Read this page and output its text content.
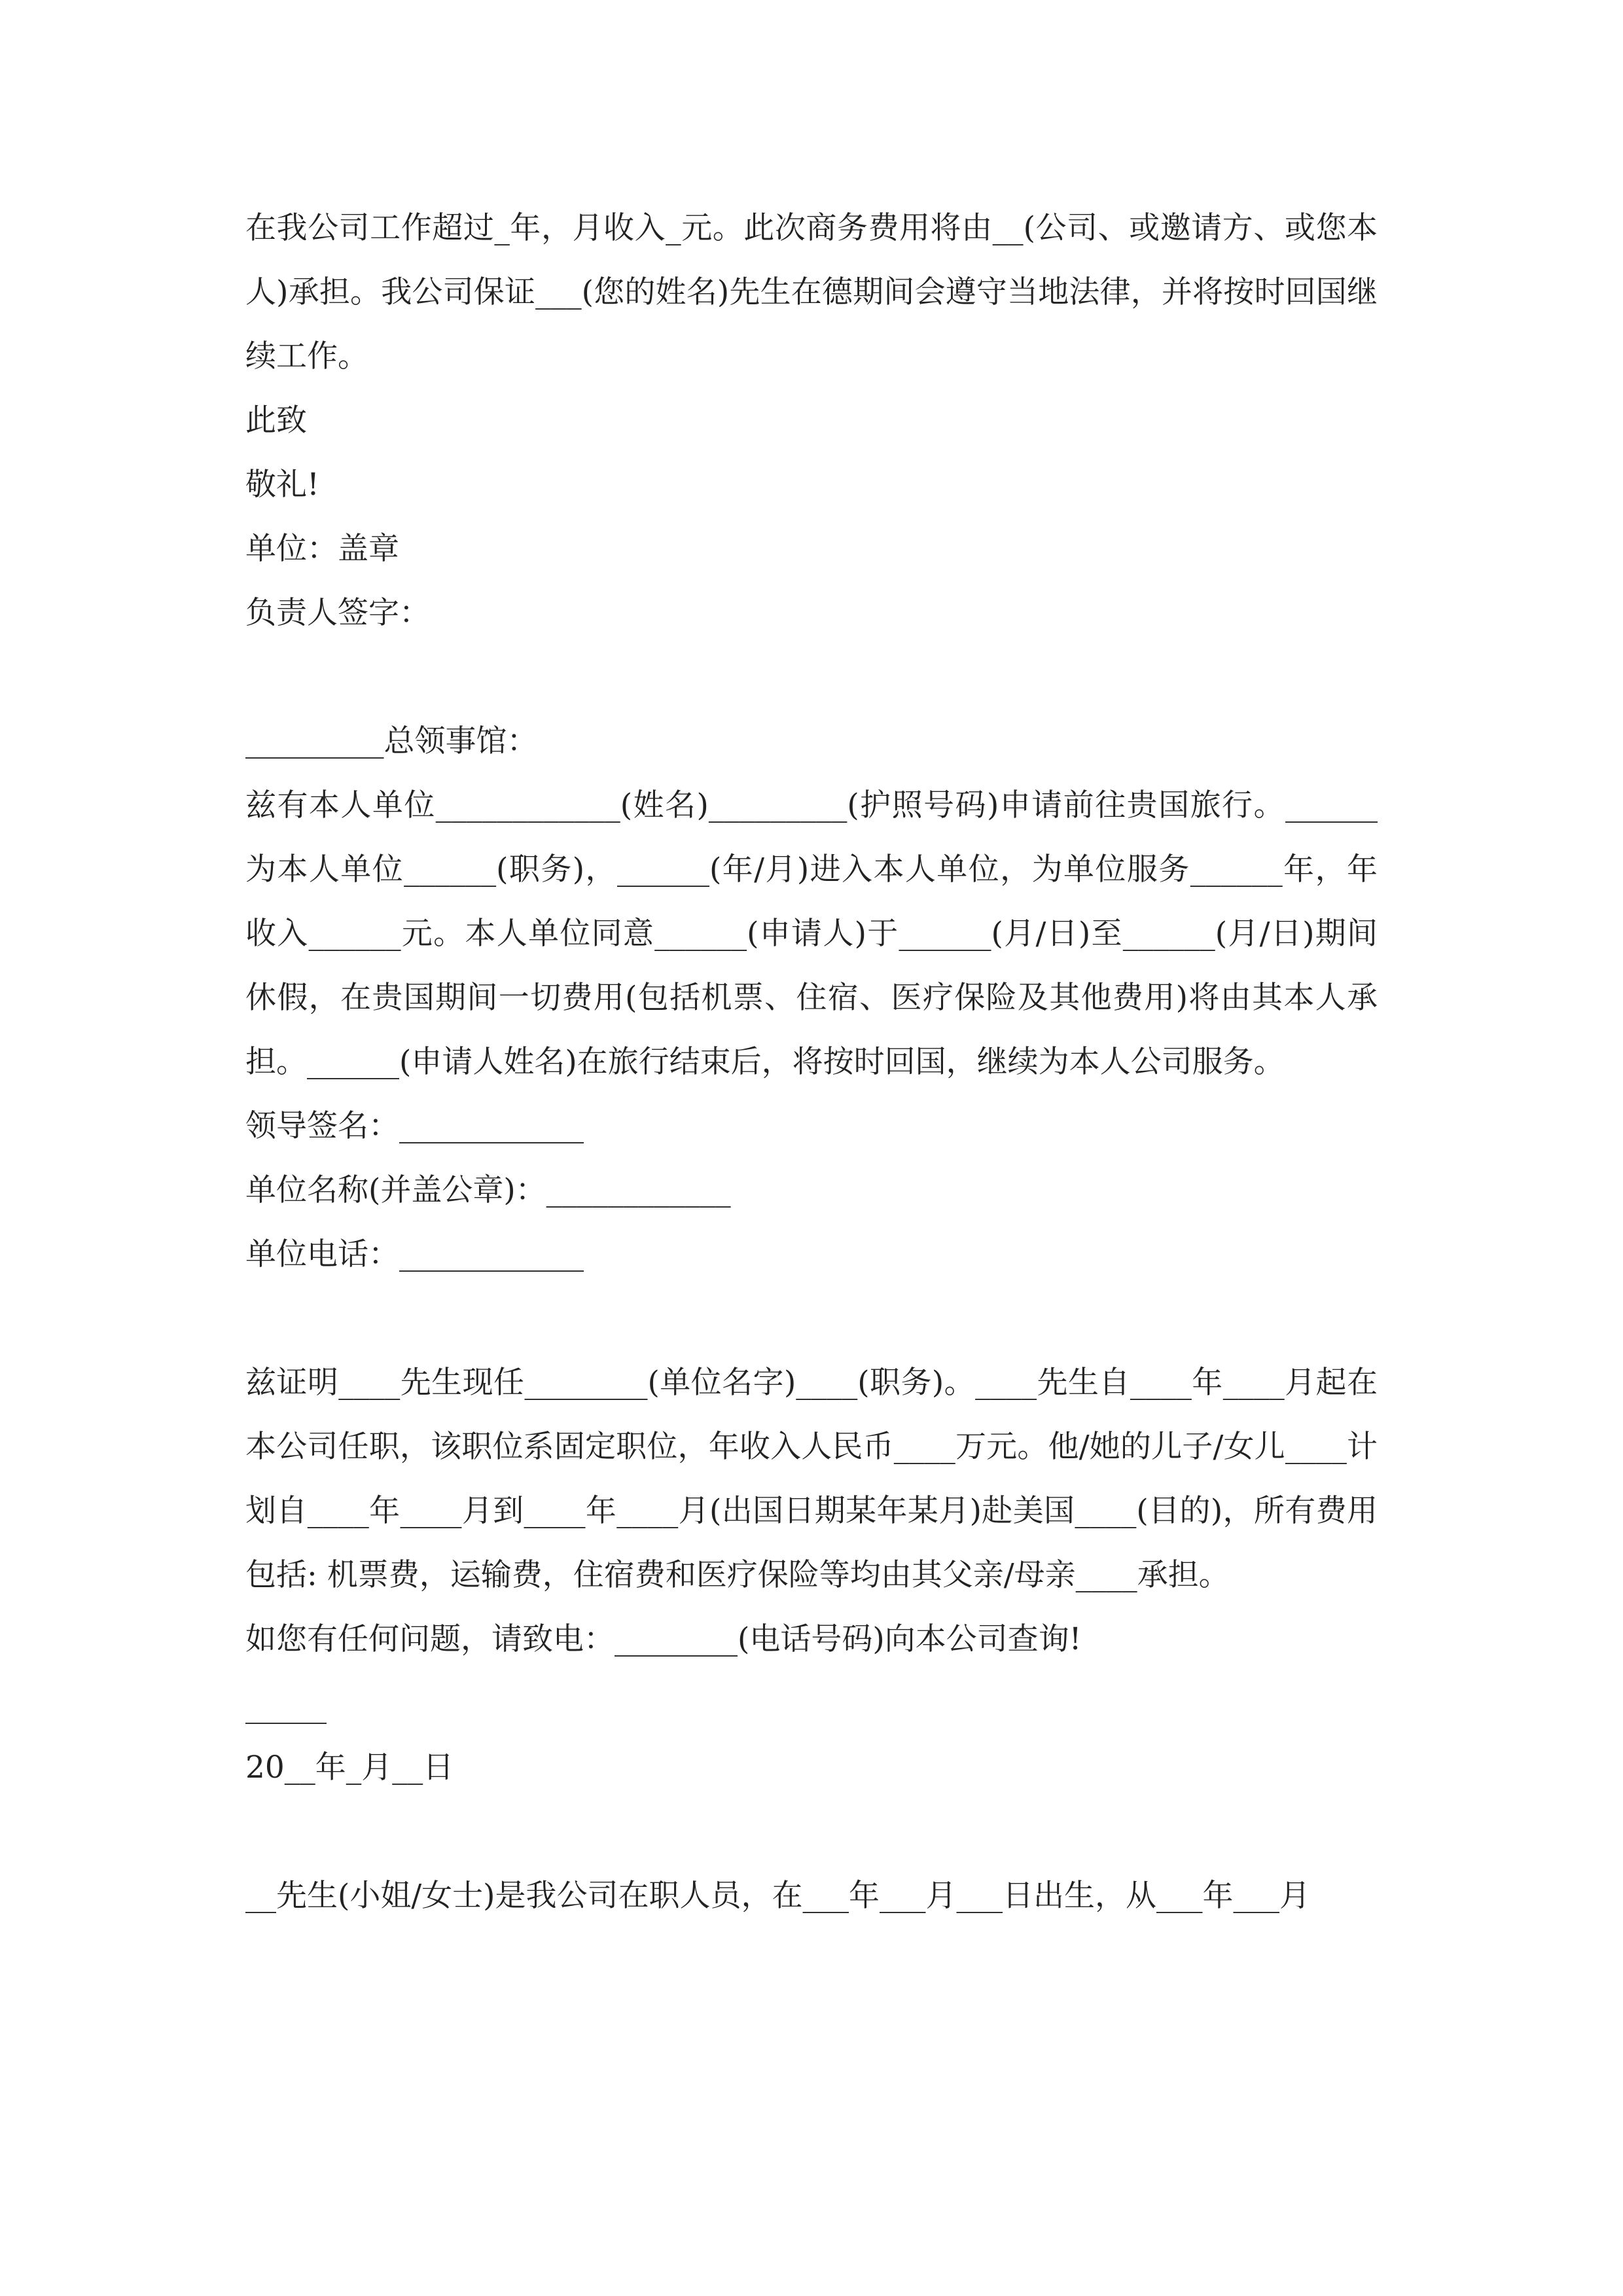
在我公司工作超过_年，月收入_元。此次商务费用将由__(公司、或邀请方、或您本人)承担。我公司保证___(您的姓名)先生在德期间会遵守当地法律，并将按时回国继续工作。

此致

敬礼!

单位：盖章

负责人签字：

_________总领事馆：

兹有本人单位____________(姓名)_________(护照号码)申请前往贵国旅行。______为本人单位______(职务)，______(年/月)进入本人单位，为单位服务______年，年收入______元。本人单位同意______(申请人)于______(月/日)至______(月/日)期间休假，在贵国期间一切费用(包括机票、住宿、医疗保险及其他费用)将由其本人承担。______(申请人姓名)在旅行结束后，将按时回国，继续为本人公司服务。

领导签名：____________

单位名称(并盖公章)：____________

单位电话：____________

兹证明____先生现任________(单位名字)____(职务)。____先生自____年____月起在本公司任职，该职位系固定职位，年收入人民币____万元。他/她的儿子/女儿____计划自____年____月到____年____月(出国日期某年某月)赴美国____(目的)，所有费用包括: 机票费，运输费，住宿费和医疗保险等均由其父亲/母亲____承担。

如您有任何问题，请致电：________(电话号码)向本公司查询!

20__年_月__日

__先生(小姐/女士)是我公司在职人员，在___年___月___日出生，从___年___月
